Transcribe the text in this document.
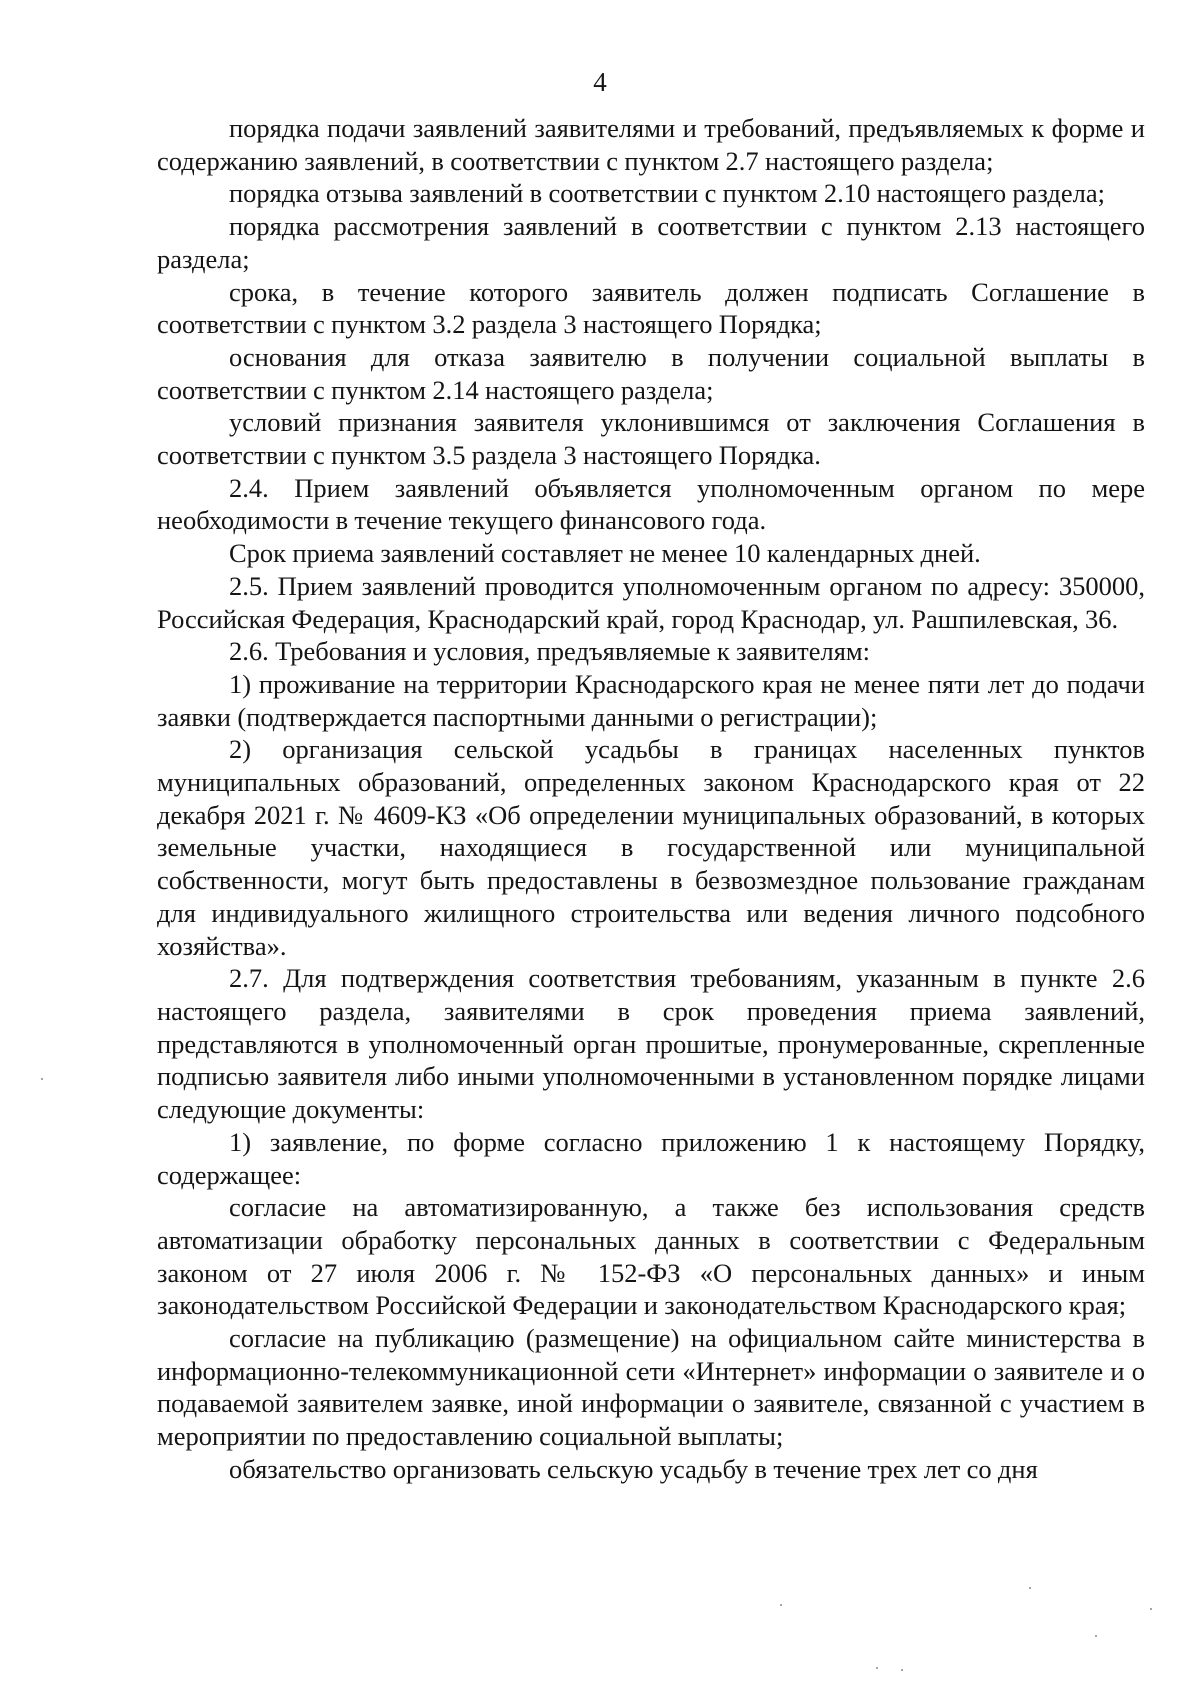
4

порядка подачи заявлений заявителями и требований, предъявляемых к форме и содержанию заявлений, в соответствии с пунктом 2.7 настоящего раздела;

порядка отзыва заявлений в соответствии с пунктом 2.10 настоящего раздела;

порядка рассмотрения заявлений в соответствии с пунктом 2.13 настоящего раздела;

срока, в течение которого заявитель должен подписать Соглашение в соответствии с пунктом 3.2 раздела 3 настоящего Порядка;

основания для отказа заявителю в получении социальной выплаты в соответствии с пунктом 2.14 настоящего раздела;

условий признания заявителя уклонившимся от заключения Соглашения в соответствии с пунктом 3.5 раздела 3 настоящего Порядка.

2.4. Прием заявлений объявляется уполномоченным органом по мере необходимости в течение текущего финансового года.

Срок приема заявлений составляет не менее 10 календарных дней.

2.5. Прием заявлений проводится уполномоченным органом по адресу: 350000, Российская Федерация, Краснодарский край, город Краснодар, ул. Рашпилевская, 36.

2.6. Требования и условия, предъявляемые к заявителям:

1) проживание на территории Краснодарского края не менее пяти лет до подачи заявки (подтверждается паспортными данными о регистрации);

2) организация сельской усадьбы в границах населенных пунктов муниципальных образований, определенных законом Краснодарского края от 22 декабря 2021 г. № 4609-КЗ «Об определении муниципальных образований, в которых земельные участки, находящиеся в государственной или муниципальной собственности, могут быть предоставлены в безвозмездное пользование гражданам для индивидуального жилищного строительства или ведения личного подсобного хозяйства».

2.7. Для подтверждения соответствия требованиям, указанным в пункте 2.6 настоящего раздела, заявителями в срок проведения приема заявлений, представляются в уполномоченный орган прошитые, пронумерованные, скрепленные подписью заявителя либо иными уполномоченными в установленном порядке лицами следующие документы:

1) заявление, по форме согласно приложению 1 к настоящему Порядку, содержащее:

согласие на автоматизированную, а также без использования средств автоматизации обработку персональных данных в соответствии с Федеральным законом от 27 июля 2006 г. № 152-ФЗ «О персональных данных» и иным законодательством Российской Федерации и законодательством Краснодарского края;

согласие на публикацию (размещение) на официальном сайте министерства в информационно-телекоммуникационной сети «Интернет» информации о заявителе и о подаваемой заявителем заявке, иной информации о заявителе, связанной с участием в мероприятии по предоставлению социальной выплаты;

обязательство организовать сельскую усадьбу в течение трех лет со дня
